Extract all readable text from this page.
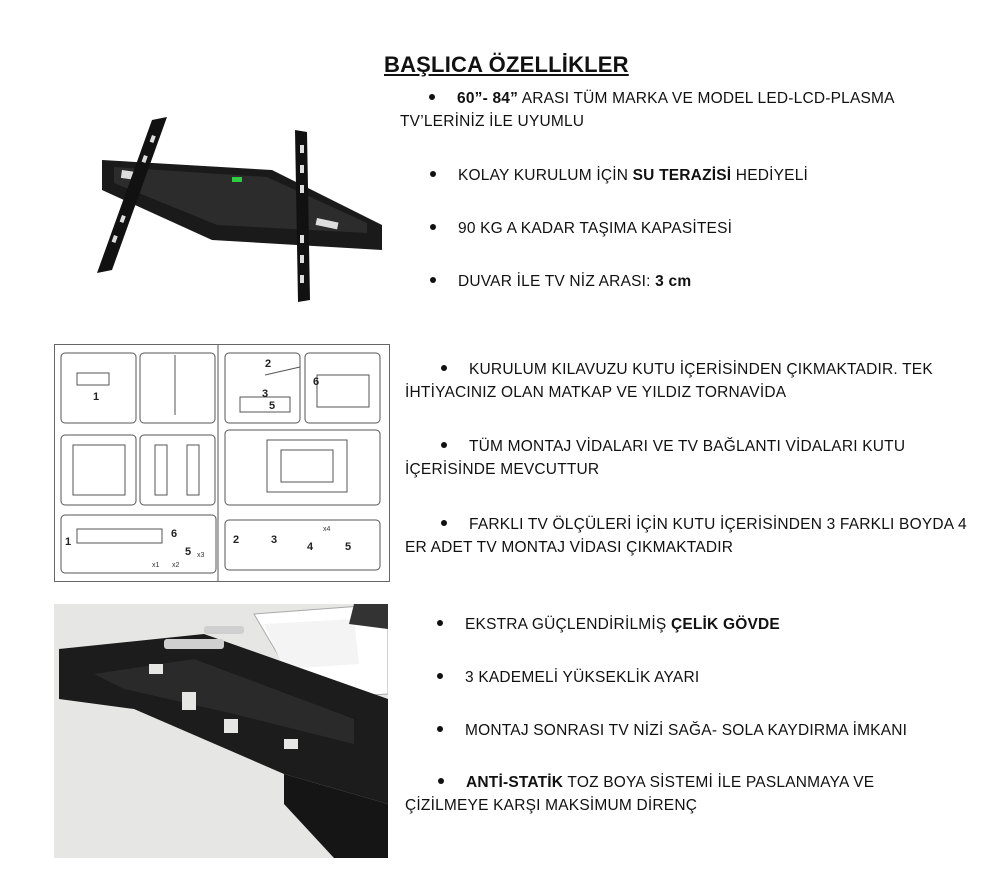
BAŞLICA ÖZELLİKLER
60”- 84” ARASI TÜM MARKA VE MODEL LED-LCD-PLASMA
TV’LERİNİZ İLE UYUMLU
KOLAY KURULUM İÇİN SU TERAZİSİ HEDİYELİ
90 KG A KADAR TAŞIMA KAPASİTESİ
DUVAR İLE TV NİZ ARASI: 3 cm
1
2
3
5
6
1
6
5
2	3
4	5
x1 x2
x3
x4
KURULUM KILAVUZU KUTU İÇERİSİNDEN ÇIKMAKTADIR. TEK
İHTİYACINIZ OLAN MATKAP VE YILDIZ TORNAVİDA
TÜM MONTAJ VİDALARI VE TV BAĞLANTI VİDALARI KUTU
İÇERİSİNDE MEVCUTTUR
FARKLI TV ÖLÇÜLERİ İÇİN KUTU İÇERİSİNDEN 3 FARKLI BOYDA 4
ER ADET TV MONTAJ VİDASI ÇIKMAKTADIR
EKSTRA GÜÇLENDİRİLMİŞ ÇELİK GÖVDE
3 KADEMELİ YÜKSEKLİK AYARI
MONTAJ SONRASI TV NİZİ SAĞA- SOLA KAYDIRMA İMKANI
ANTİ-STATİK TOZ BOYA SİSTEMİ İLE PASLANMAYA VE
ÇİZİLMEYE KARŞI MAKSİMUM DİRENÇ
